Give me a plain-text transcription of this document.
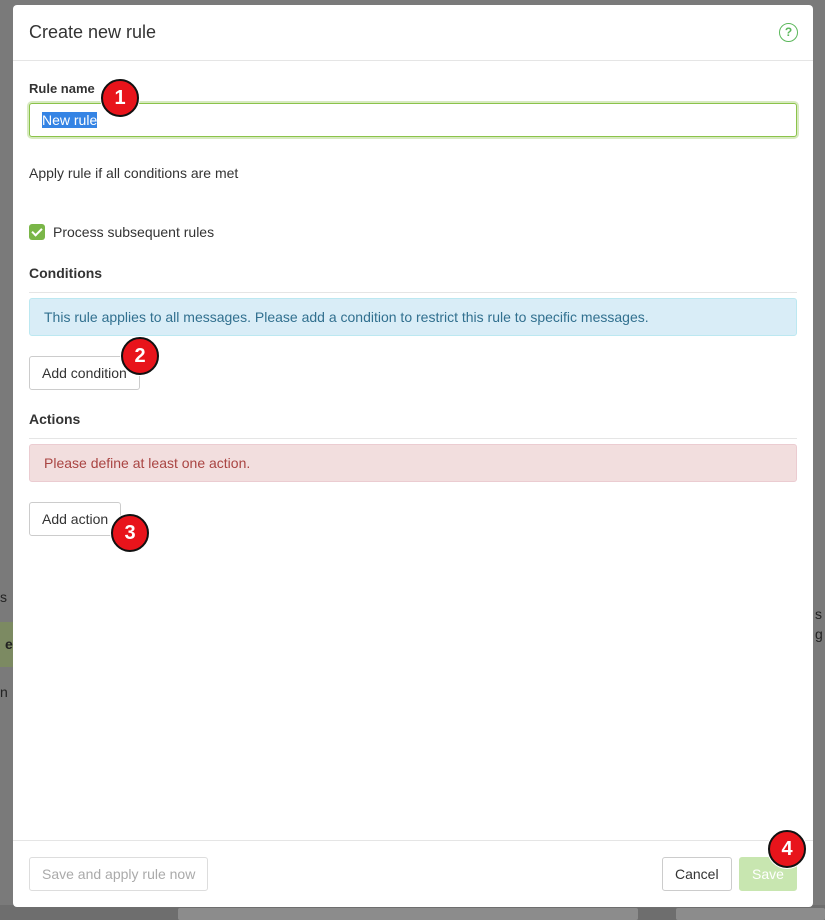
s
e
n
s
g
Create new rule	?
Rule name
New rule
Apply rule if all conditions are met
Process subsequent rules
Conditions
This rule applies to all messages. Please add a condition to restrict this rule to specific messages.
Add condition
Actions
Please define at least one action.
Add action
Save and apply rule now	Cancel	Save
1
2
3
4
